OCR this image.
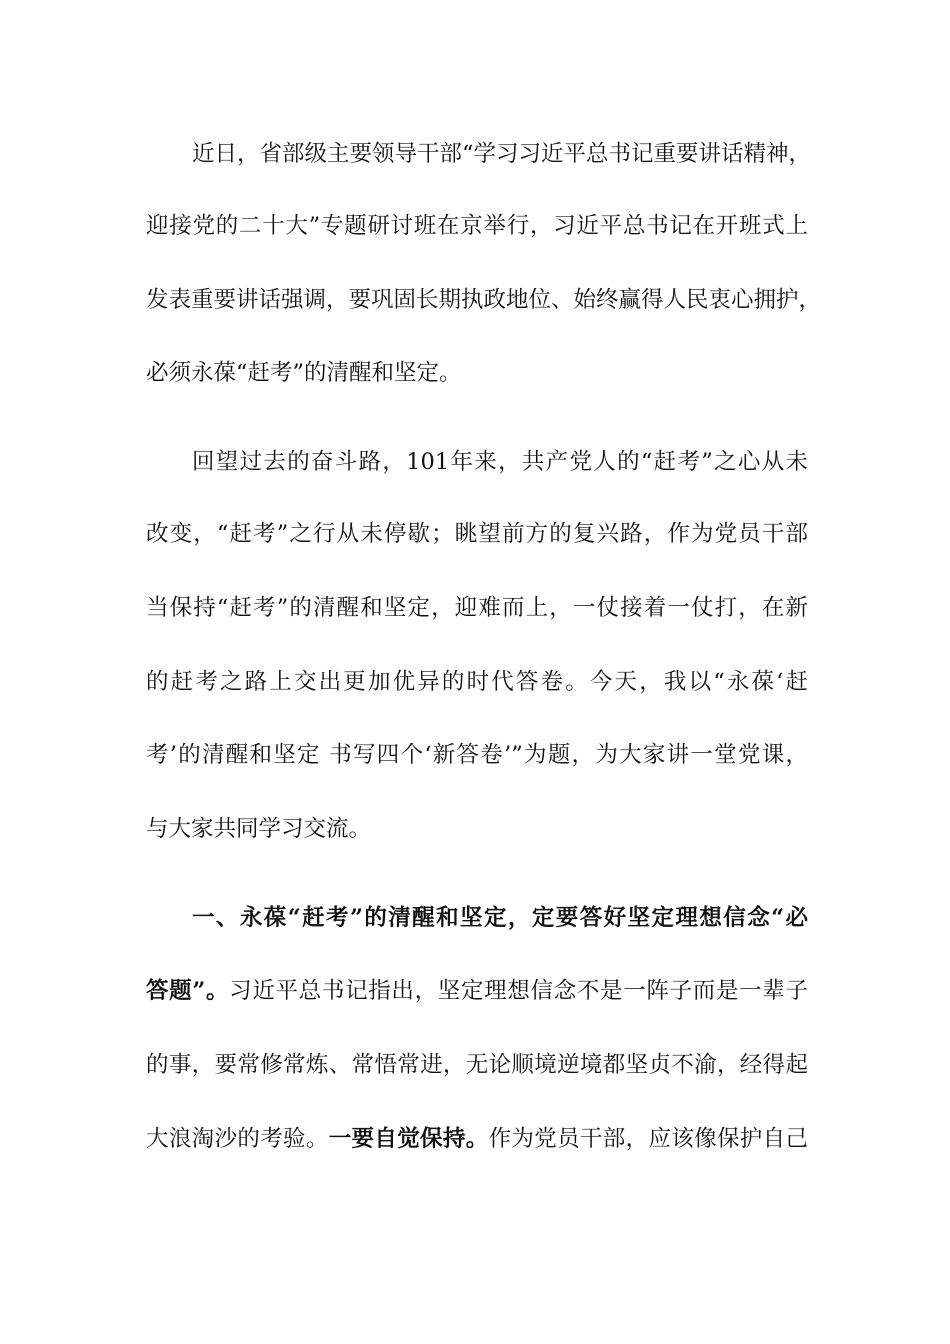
近日，省部级主要领导干部“学习习近平总书记重要讲话精神，
迎接党的二十大”专题研讨班在京举行，习近平总书记在开班式上
发表重要讲话强调，要巩固长期执政地位、始终赢得人民衷心拥护，
必须永葆“赶考”的清醒和坚定。
回望过去的奋斗路，101年来，共产党人的“赶考”之心从未
改变，“赶考”之行从未停歇；眺望前方的复兴路，作为党员干部
当保持“赶考”的清醒和坚定，迎难而上，一仗接着一仗打，在新
的赶考之路上交出更加优异的时代答卷。今天，我以“永葆‘赶
考’的清醒和坚定 书写四个‘新答卷’”为题，为大家讲一堂党课，
与大家共同学习交流。
一、永葆“赶考”的清醒和坚定，定要答好坚定理想信念“必
答题”。习近平总书记指出，坚定理想信念不是一阵子而是一辈子
的事，要常修常炼、常悟常进，无论顺境逆境都坚贞不渝，经得起
大浪淘沙的考验。一要自觉保持。作为党员干部，应该像保护自己
